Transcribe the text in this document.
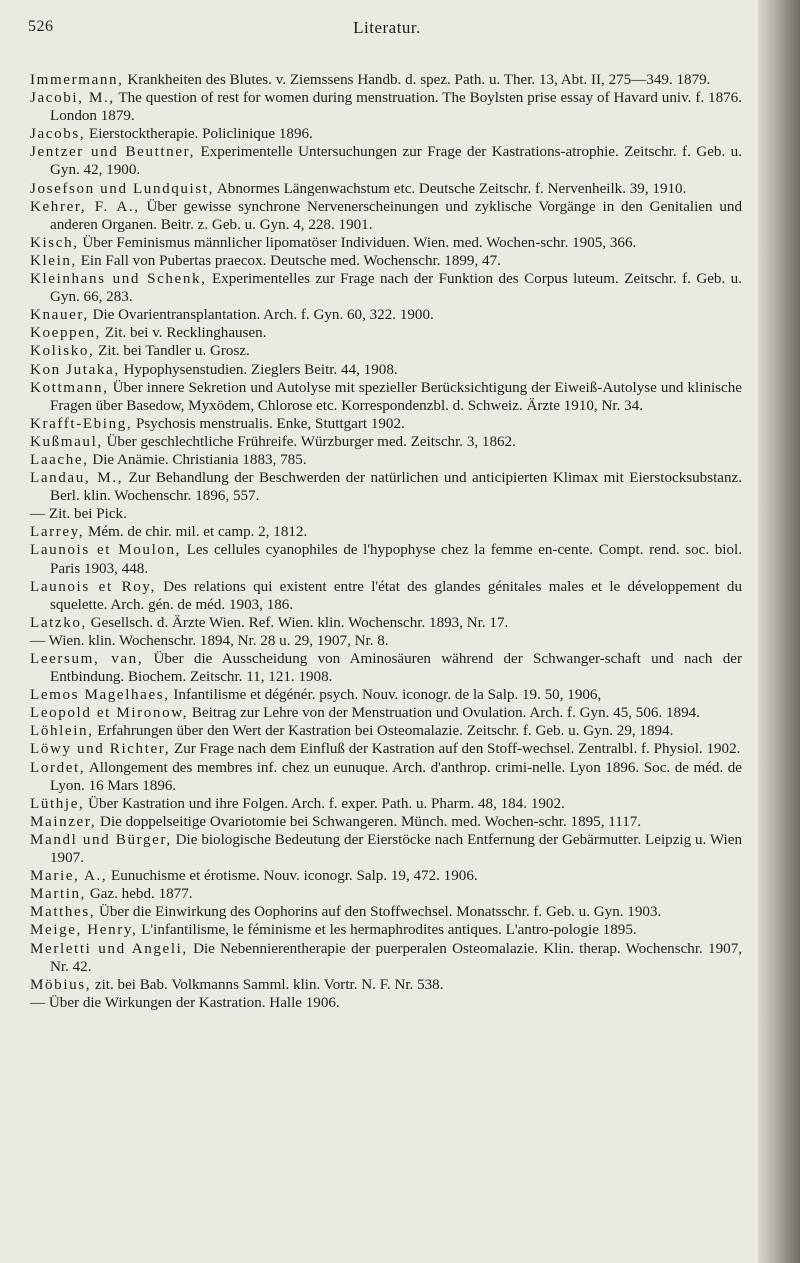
526	Literatur.
Immermann, Krankheiten des Blutes. v. Ziemssens Handb. d. spez. Path. u. Ther. 13, Abt. II, 275—349. 1879.
Jacobi, M., The question of rest for women during menstruation. The Boylsten prise essay of Havard univ. f. 1876. London 1879.
Jacobs, Eierstocktherapie. Policlinique 1896.
Jentzer und Beuttner, Experimentelle Untersuchungen zur Frage der Kastrations-atrophie. Zeitschr. f. Geb. u. Gyn. 42, 1900.
Josefson und Lundquist, Abnormes Längenwachstum etc. Deutsche Zeitschr. f. Nervenheilk. 39, 1910.
Kehrer, F. A., Über gewisse synchrone Nervenerscheinungen und zyklische Vorgänge in den Genitalien und anderen Organen. Beitr. z. Geb. u. Gyn. 4, 228. 1901.
Kisch, Über Feminismus männlicher lipomatöser Individuen. Wien. med. Wochen-schr. 1905, 366.
Klein, Ein Fall von Pubertas praecox. Deutsche med. Wochenschr. 1899, 47.
Kleinhans und Schenk, Experimentelles zur Frage nach der Funktion des Corpus luteum. Zeitschr. f. Geb. u. Gyn. 66, 283.
Knauer, Die Ovarientransplantation. Arch. f. Gyn. 60, 322. 1900.
Koeppen, Zit. bei v. Recklinghausen.
Kolisko, Zit. bei Tandler u. Grosz.
Kon Jutaka, Hypophysenstudien. Zieglers Beitr. 44, 1908.
Kottmann, Über innere Sekretion und Autolyse mit spezieller Berücksichtigung der Eiweiß-Autolyse und klinische Fragen über Basedow, Myxödem, Chlorose etc. Korrespondenzbl. d. Schweiz. Ärzte 1910, Nr. 34.
Krafft-Ebing, Psychosis menstrualis. Enke, Stuttgart 1902.
Kußmaul, Über geschlechtliche Frühreife. Würzburger med. Zeitschr. 3, 1862.
Laache, Die Anämie. Christiania 1883, 785.
Landau, M., Zur Behandlung der Beschwerden der natürlichen und anticipierten Klimax mit Eierstocksubstanz. Berl. klin. Wochenschr. 1896, 557.
— Zit. bei Pick.
Larrey, Mém. de chir. mil. et camp. 2, 1812.
Launois et Moulon, Les cellules cyanophiles de l'hypophyse chez la femme en-cente. Compt. rend. soc. biol. Paris 1903, 448.
Launois et Roy, Des relations qui existent entre l'état des glandes génitales males et le développement du squelette. Arch. gén. de méd. 1903, 186.
Latzko, Gesellsch. d. Ärzte Wien. Ref. Wien. klin. Wochenschr. 1893, Nr. 17.
— Wien. klin. Wochenschr. 1894, Nr. 28 u. 29, 1907, Nr. 8.
Leersum, van, Über die Ausscheidung von Aminosäuren während der Schwanger-schaft und nach der Entbindung. Biochem. Zeitschr. 11, 121. 1908.
Lemos Magelhaes, Infantilisme et dégénér. psych. Nouv. iconogr. de la Salp. 19. 50, 1906,
Leopold et Mironow, Beitrag zur Lehre von der Menstruation und Ovulation. Arch. f. Gyn. 45, 506. 1894.
Löhlein, Erfahrungen über den Wert der Kastration bei Osteomalazie. Zeitschr. f. Geb. u. Gyn. 29, 1894.
Löwy und Richter, Zur Frage nach dem Einfluß der Kastration auf den Stoff-wechsel. Zentralbl. f. Physiol. 1902.
Lordet, Allongement des membres inf. chez un eunuque. Arch. d'anthrop. crimi-nelle. Lyon 1896. Soc. de méd. de Lyon. 16 Mars 1896.
Lüthje, Über Kastration und ihre Folgen. Arch. f. exper. Path. u. Pharm. 48, 184. 1902.
Mainzer, Die doppelseitige Ovariotomie bei Schwangeren. Münch. med. Wochen-schr. 1895, 1117.
Mandl und Bürger, Die biologische Bedeutung der Eierstöcke nach Entfernung der Gebärmutter. Leipzig u. Wien 1907.
Marie, A., Eunuchisme et érotisme. Nouv. iconogr. Salp. 19, 472. 1906.
Martin, Gaz. hebd. 1877.
Matthes, Über die Einwirkung des Oophorins auf den Stoffwechsel. Monatsschr. f. Geb. u. Gyn. 1903.
Meige, Henry, L'infantilisme, le féminisme et les hermaphrodites antiques. L'antro-pologie 1895.
Merletti und Angeli, Die Nebennierentherapie der puerperalen Osteomalazie. Klin. therap. Wochenschr. 1907, Nr. 42.
Möbius, zit. bei Bab. Volkmanns Samml. klin. Vortr. N. F. Nr. 538.
— Über die Wirkungen der Kastration. Halle 1906.
